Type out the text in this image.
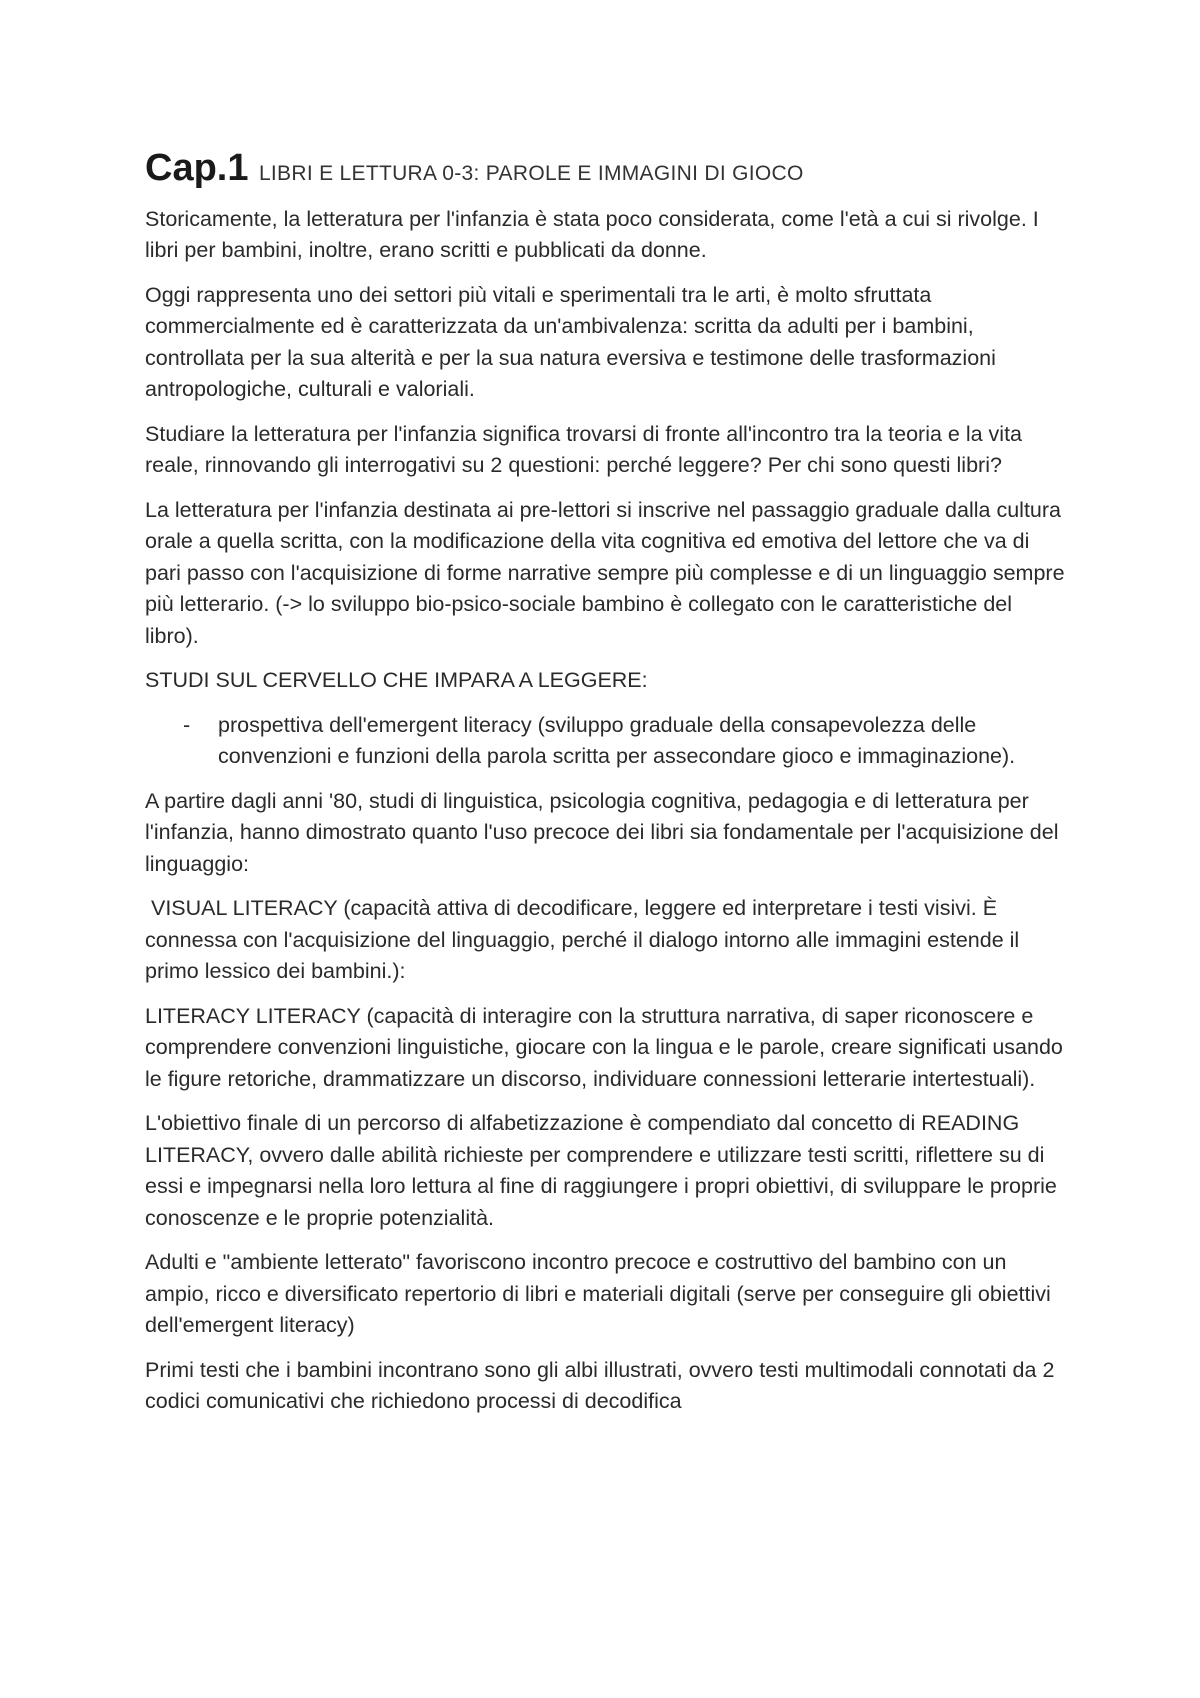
Cap.1 LIBRI E LETTURA 0-3: PAROLE E IMMAGINI DI GIOCO

Storicamente, la letteratura per l'infanzia è stata poco considerata, come l'età a cui si rivolge. I libri per bambini, inoltre, erano scritti e pubblicati da donne.

Oggi rappresenta uno dei settori più vitali e sperimentali tra le arti, è molto sfruttata commercialmente ed è caratterizzata da un'ambivalenza: scritta da adulti per i bambini, controllata per la sua alterità e per la sua natura eversiva e testimone delle trasformazioni antropologiche, culturali e valoriali.

Studiare la letteratura per l'infanzia significa trovarsi di fronte all'incontro tra la teoria e la vita reale, rinnovando gli interrogativi su 2 questioni: perché leggere? Per chi sono questi libri?

La letteratura per l'infanzia destinata ai pre-lettori si inscrive nel passaggio graduale dalla cultura orale a quella scritta, con la modificazione della vita cognitiva ed emotiva del lettore che va di pari passo con l'acquisizione di forme narrative sempre più complesse e di un linguaggio sempre più letterario. (-> lo sviluppo bio-psico-sociale bambino è collegato con le caratteristiche del libro).

STUDI SUL CERVELLO CHE IMPARA A LEGGERE:

- prospettiva dell'emergent literacy (sviluppo graduale della consapevolezza delle convenzioni e funzioni della parola scritta per assecondare gioco e immaginazione).

A partire dagli anni '80, studi di linguistica, psicologia cognitiva, pedagogia e di letteratura per l'infanzia, hanno dimostrato quanto l'uso precoce dei libri sia fondamentale per l'acquisizione del linguaggio:

VISUAL LITERACY (capacità attiva di decodificare, leggere ed interpretare i testi visivi. È connessa con l'acquisizione del linguaggio, perché il dialogo intorno alle immagini estende il primo lessico dei bambini.):

LITERACY LITERACY (capacità di interagire con la struttura narrativa, di saper riconoscere e comprendere convenzioni linguistiche, giocare con la lingua e le parole, creare significati usando le figure retoriche, drammatizzare un discorso, individuare connessioni letterarie intertestuali).

L'obiettivo finale di un percorso di alfabetizzazione è compendiato dal concetto di READING LITERACY, ovvero dalle abilità richieste per comprendere e utilizzare testi scritti, riflettere su di essi e impegnarsi nella loro lettura al fine di raggiungere i propri obiettivi, di sviluppare le proprie conoscenze e le proprie potenzialità.

Adulti e "ambiente letterato" favoriscono incontro precoce e costruttivo del bambino con un ampio, ricco e diversificato repertorio di libri e materiali digitali (serve per conseguire gli obiettivi dell'emergent literacy)

Primi testi che i bambini incontrano sono gli albi illustrati, ovvero testi multimodali connotati da 2 codici comunicativi che richiedono processi di decodifica
